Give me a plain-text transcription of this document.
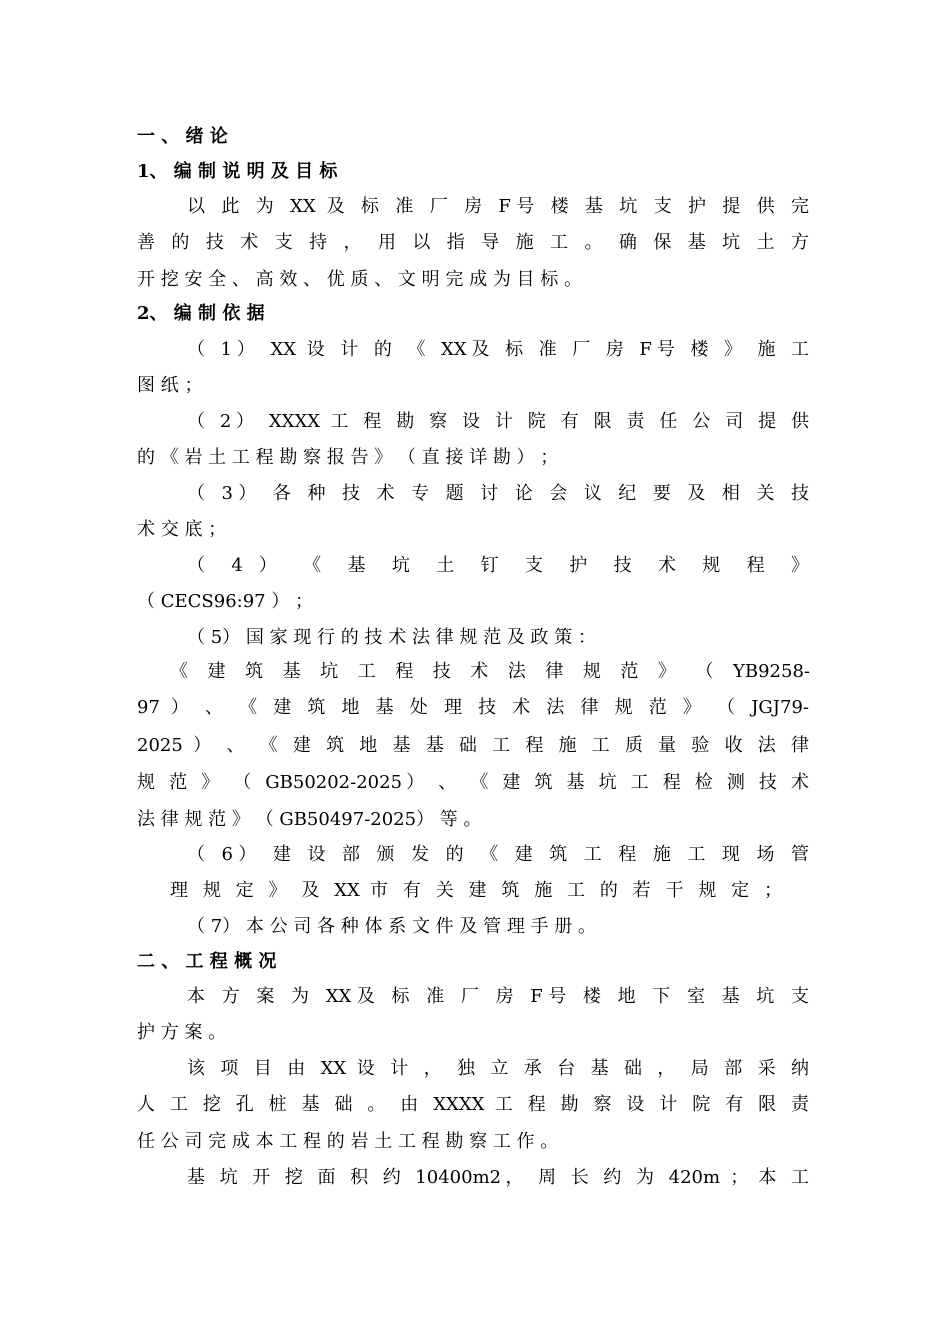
一 、 绪 论
1、 编 制 说 明 及 目 标
以 此 为 XX 及 标 准 厂 房 F号 楼 基 坑 支 护 提 供 完
善 的 技 术 支 持 ， 用 以 指 导 施 工 。 确 保 基 坑 土 方
开 挖 安 全 、 高 效 、 优 质 、 文 明 完 成 为 目 标 。
2、 编 制 依 据
（ 1） XX 设 计 的 《 XX及 标 准 厂 房 F号 楼 》 施 工
图 纸 ；
（ 2） XXXX 工 程 勘 察 设 计 院 有 限 责 任 公 司 提 供
的 《 岩 土 工 程 勘 察 报 告 》 （ 直 接 详 勘 ） ；
（ 3） 各 种 技 术 专 题 讨 论 会 议 纪 要 及 相 关 技
术 交 底 ；
（ 4 ） 《 基 坑 土 钉 支 护 技 术 规 程 》
（ CECS96:97 ） ；
（ 5） 国 家 现 行 的 技 术 法 律 规 范 及 政 策 ：
《 建 筑 基 坑 工 程 技 术 法 律 规 范 》 （ YB9258-
97 ） 、 《 建 筑 地 基 处 理 技 术 法 律 规 范 》 （ JGJ79-
2025 ） 、 《 建 筑 地 基 基 础 工 程 施 工 质 量 验 收 法 律
规 范 》 （ GB50202-2025） 、 《 建 筑 基 坑 工 程 检 测 技 术
法 律 规 范 》 （ GB50497-2025） 等 。
（ 6） 建 设 部 颁 发 的 《 建 筑 工 程 施 工 现 场 管
理 规 定 》 及 XX 市 有 关 建 筑 施 工 的 若 干 规 定 ；
（ 7） 本 公 司 各 种 体 系 文 件 及 管 理 手 册 。
二 、 工 程 概 况
本 方 案 为 XX及 标 准 厂 房 F号 楼 地 下 室 基 坑 支
护 方 案 。
该 项 目 由 XX 设 计 ， 独 立 承 台 基 础 ， 局 部 采 纳
人 工 挖 孔 桩 基 础 。 由 XXXX 工 程 勘 察 设 计 院 有 限 责
任 公 司 完 成 本 工 程 的 岩 土 工 程 勘 察 工 作 。
基 坑 开 挖 面 积 约 10400m2， 周 长 约 为 420m ； 本 工
